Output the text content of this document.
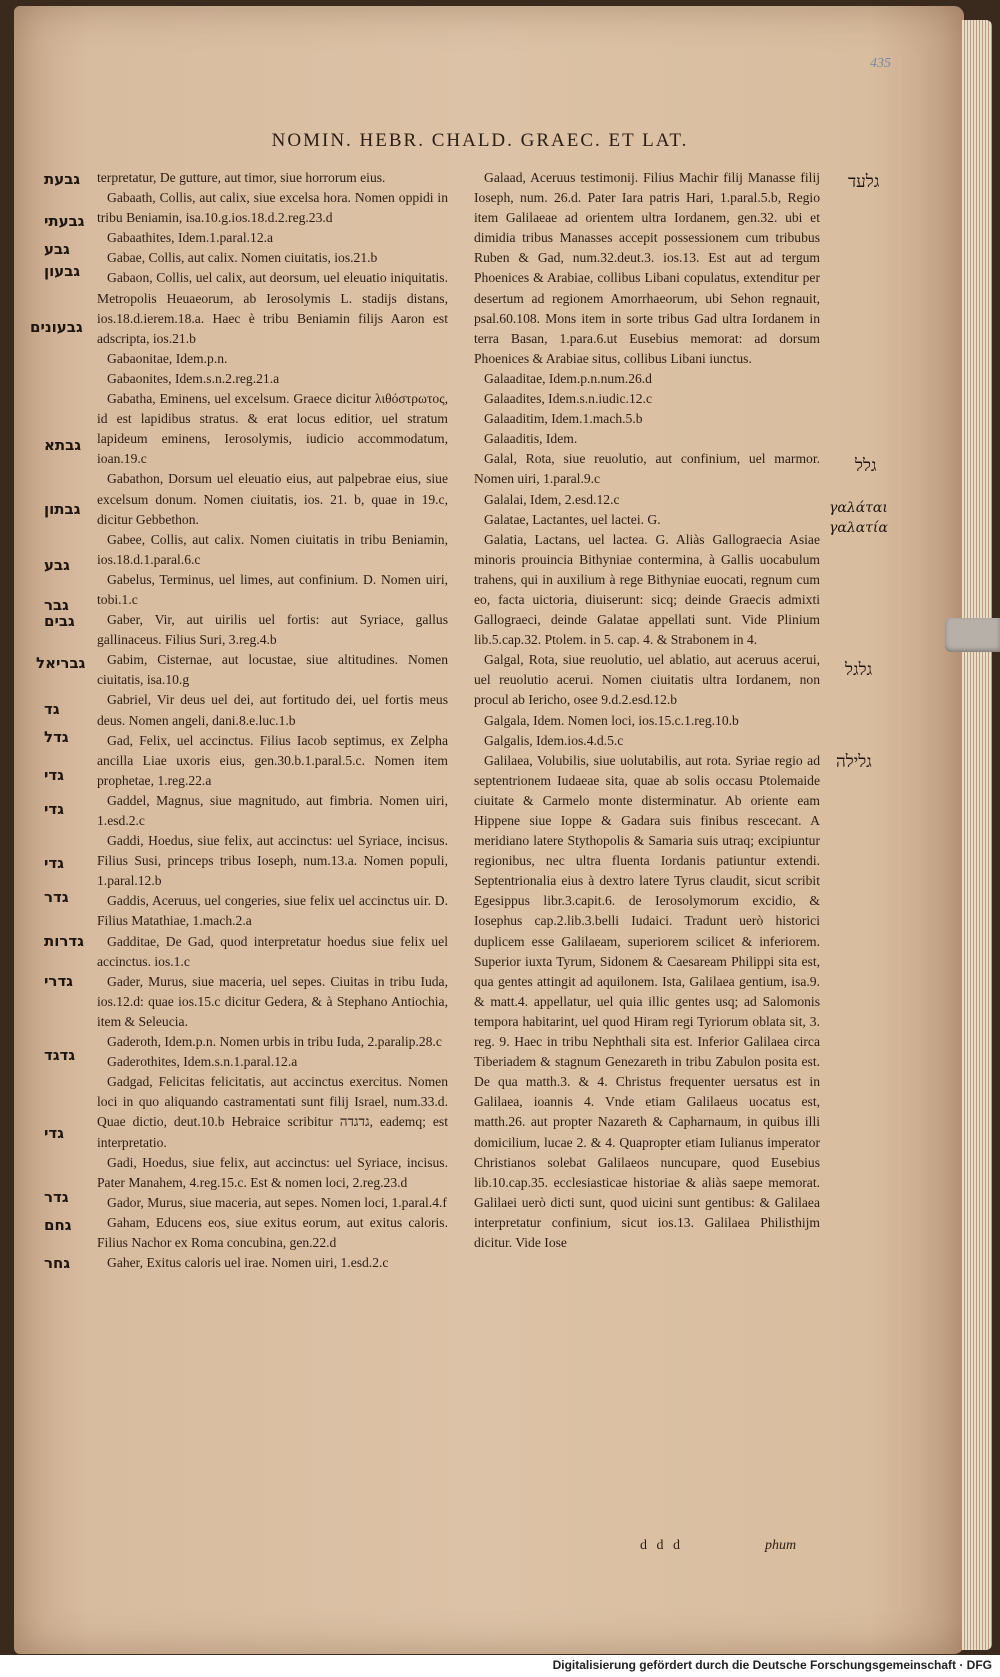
435
NOMIN. HEBR. CHALD. GRAEC. ET LAT.

terpretatur, De gutture, aut timor, siue horrorum eius.

Gabaath, Collis, aut calix, siue excelsa hora. Nomen oppidi in tribu Beniamin, isa.10.g.ios.18.d.2.reg.23.d

Gabaathites, Idem.1.paral.12.a

Gabae, Collis, aut calix. Nomen ciuitatis, ios.21.b

Gabaon, Collis, uel calix, aut deorsum, uel eleuatio iniquitatis. Metropolis Heuaeorum, ab Ierosolymis L. stadijs distans, ios.18.d.ierem.18.a. Haec è tribu Beniamin filijs Aaron est adscripta, ios.21.b

Gabaonitae, Idem.p.n.

Gabaonites, Idem.s.n.2.reg.21.a

Gabatha, Eminens, uel excelsum. Graece dicitur λιθόστρωτος, id est lapidibus stratus. & erat locus editior, uel stratum lapideum eminens, Ierosolymis, iudicio accommodatum, ioan.19.c

Gabathon, Dorsum uel eleuatio eius, aut palpebrae eius, siue excelsum donum. Nomen ciuitatis, ios. 21. b, quae in 19.c, dicitur Gebbethon.

Gabee, Collis, aut calix. Nomen ciuitatis in tribu Beniamin, ios.18.d.1.paral.6.c

Gabelus, Terminus, uel limes, aut confinium. D. Nomen uiri, tobi.1.c

Gaber, Vir, aut uirilis uel fortis: aut Syriace, gallus gallinaceus. Filius Suri, 3.reg.4.b

Gabim, Cisternae, aut locustae, siue altitudines. Nomen ciuitatis, isa.10.g

Gabriel, Vir deus uel dei, aut fortitudo dei, uel fortis meus deus. Nomen angeli, dani.8.e.luc.1.b

Gad, Felix, uel accinctus. Filius Iacob septimus, ex Zelpha ancilla Liae uxoris eius, gen.30.b.1.paral.5.c. Nomen item prophetae, 1.reg.22.a

Gaddel, Magnus, siue magnitudo, aut fimbria. Nomen uiri, 1.esd.2.c

Gaddi, Hoedus, siue felix, aut accinctus: uel Syriace, incisus. Filius Susi, princeps tribus Ioseph, num.13.a. Nomen populi, 1.paral.12.b

Gaddis, Aceruus, uel congeries, siue felix uel accinctus uir. D. Filius Matathiae, 1.mach.2.a

Gadditae, De Gad, quod interpretatur hoedus siue felix uel accinctus. ios.1.c

Gader, Murus, siue maceria, uel sepes. Ciuitas in tribu Iuda, ios.12.d: quae ios.15.c dicitur Gedera, & à Stephano Antiochia, item & Seleucia.

Gaderoth, Idem.p.n. Nomen urbis in tribu Iuda, 2.paralip.28.c

Gaderothites, Idem.s.n.1.paral.12.a

Gadgad, Felicitas felicitatis, aut accinctus exercitus. Nomen loci in quo aliquando castramentati sunt filij Israel, num.33.d. Quae dictio, deut.10.b Hebraice scribitur גדגדה, eademq; est interpretatio.

Gadi, Hoedus, siue felix, aut accinctus: uel Syriace, incisus. Pater Manahem, 4.reg.15.c. Est & nomen loci, 2.reg.23.d

Gador, Murus, siue maceria, aut sepes. Nomen loci, 1.paral.4.f

Gaham, Educens eos, siue exitus eorum, aut exitus caloris. Filius Nachor ex Roma concubina, gen.22.d

Gaher, Exitus caloris uel irae. Nomen uiri, 1.esd.2.c

Galaad, Aceruus testimonij. Filius Machir filij Manasse filij Ioseph, num. 26.d. Pater Iara patris Hari, 1.paral.5.b, Regio item Galilaeae ad orientem ultra Iordanem, gen.32. ubi et dimidia tribus Manasses accepit possessionem cum tribubus Ruben & Gad, num.32.deut.3. ios.13. Est aut ad tergum Phoenices & Arabiae, collibus Libani copulatus, extenditur per desertum ad regionem Amorrhaeorum, ubi Sehon regnauit, psal.60.108. Mons item in sorte tribus Gad ultra Iordanem in terra Basan, 1.para.6.ut Eusebius memorat: ad dorsum Phoenices & Arabiae situs, collibus Libani iunctus.

Galaaditae, Idem.p.n.num.26.d

Galaadites, Idem.s.n.iudic.12.c

Galaaditim, Idem.1.mach.5.b

Galaaditis, Idem.

Galal, Rota, siue reuolutio, aut confinium, uel marmor. Nomen uiri, 1.paral.9.c

Galalai, Idem, 2.esd.12.c

Galatae, Lactantes, uel lactei. G.

Galatia, Lactans, uel lactea. G. Aliàs Gallograecia Asiae minoris prouincia Bithyniae contermina, à Gallis uocabulum trahens, qui in auxilium à rege Bithyniae euocati, regnum cum eo, facta uictoria, diuiserunt: sicq; deinde Graecis admixti Gallograeci, deinde Galatae appellati sunt. Vide Plinium lib.5.cap.32. Ptolem. in 5. cap. 4. & Strabonem in 4.

Galgal, Rota, siue reuolutio, uel ablatio, aut aceruus acerui, uel reuolutio acerui. Nomen ciuitatis ultra Iordanem, non procul ab Iericho, osee 9.d.2.esd.12.b

Galgala, Idem. Nomen loci, ios.15.c.1.reg.10.b

Galgalis, Idem.ios.4.d.5.c

Galilaea, Volubilis, siue uolutabilis, aut rota. Syriae regio ad septentrionem Iudaeae sita, quae ab solis occasu Ptolemaide ciuitate & Carmelo monte disterminatur. Ab oriente eam Hippene siue Ioppe & Gadara suis finibus rescecant. A meridiano latere Stythopolis & Samaria suis utraq; excipiuntur regionibus, nec ultra fluenta Iordanis patiuntur extendi. Septentrionalia eius à dextro latere Tyrus claudit, sicut scribit Egesippus libr.3.capit.6. de Ierosolymorum excidio, & Iosephus cap.2.lib.3.belli Iudaici. Tradunt uerò historici duplicem esse Galilaeam, superiorem scilicet & inferiorem. Superior iuxta Tyrum, Sidonem & Caesaream Philippi sita est, qua gentes attingit ad aquilonem. Ista, Galilaea gentium, isa.9. & matt.4. appellatur, uel quia illic gentes usq; ad Salomonis tempora habitarint, uel quod Hiram regi Tyriorum oblata sit, 3. reg. 9. Haec in tribu Nephthali sita est. Inferior Galilaea circa Tiberiadem & stagnum Genezareth in tribu Zabulon posita est. De qua matth.3. & 4. Christus frequenter uersatus est in Galilaea, ioannis 4. Vnde etiam Galilaeus uocatus est, matth.26. aut propter Nazareth & Capharnaum, in quibus illi domicilium, lucae 2. & 4. Quapropter etiam Iulianus imperator Christianos solebat Galilaeos nuncupare, quod Eusebius lib.10.cap.35. ecclesiasticae historiae & aliàs saepe memorat. Galilaei uerò dicti sunt, quod uicini sunt gentibus: & Galilaea interpretatur confinium, sicut ios.13. Galilaea Philisthijm dicitur. Vide Iose

גבעת
גבעתי
גבע
גבעון
גבעונים
גבתא
גבתון
גבע
גבר
גבים
גבריאל
גד
גדל
גדי
גדי
גדי
גדר
גדרות
גדרי
גדגד
גדי
גדר
גחם
גחר
גלעד
גלל
γαλάται
γαλατία
גלגל
גלילה
d d d	phum
Digitalisierung gefördert durch die Deutsche Forschungsgemeinschaft · DFG
